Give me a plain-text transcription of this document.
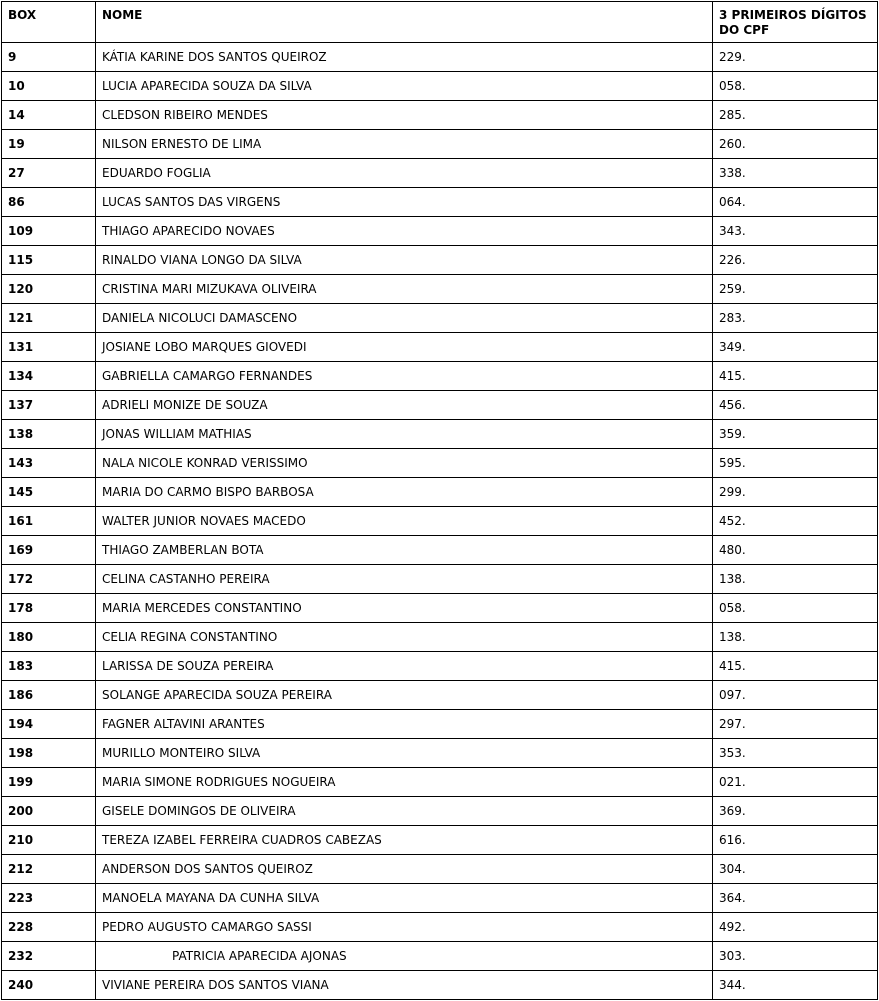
BOX	NOME	3 PRIMEIROS DÍGITOS DO CPF
9	KÁTIA KARINE DOS SANTOS QUEIROZ	229.
10	LUCIA APARECIDA SOUZA DA SILVA	058.
14	CLEDSON RIBEIRO MENDES	285.
19	NILSON ERNESTO DE LIMA	260.
27	EDUARDO FOGLIA	338.
86	LUCAS SANTOS DAS VIRGENS	064.
109	THIAGO APARECIDO NOVAES	343.
115	RINALDO VIANA LONGO DA SILVA	226.
120	CRISTINA MARI MIZUKAVA OLIVEIRA	259.
121	DANIELA NICOLUCI DAMASCENO	283.
131	JOSIANE LOBO MARQUES GIOVEDI	349.
134	GABRIELLA CAMARGO FERNANDES	415.
137	ADRIELI MONIZE DE SOUZA	456.
138	JONAS WILLIAM MATHIAS	359.
143	NALA NICOLE KONRAD VERISSIMO	595.
145	MARIA DO CARMO BISPO BARBOSA	299.
161	WALTER JUNIOR NOVAES MACEDO	452.
169	THIAGO ZAMBERLAN BOTA	480.
172	CELINA CASTANHO PEREIRA	138.
178	MARIA MERCEDES CONSTANTINO	058.
180	CELIA REGINA CONSTANTINO	138.
183	LARISSA DE SOUZA PEREIRA	415.
186	SOLANGE APARECIDA SOUZA PEREIRA	097.
194	FAGNER ALTAVINI ARANTES	297.
198	MURILLO MONTEIRO SILVA	353.
199	MARIA SIMONE RODRIGUES NOGUEIRA	021.
200	GISELE DOMINGOS DE OLIVEIRA	369.
210	TEREZA IZABEL FERREIRA CUADROS CABEZAS	616.
212	ANDERSON DOS SANTOS QUEIROZ	304.
223	MANOELA MAYANA DA CUNHA SILVA	364.
228	PEDRO AUGUSTO CAMARGO SASSI	492.
232	PATRICIA APARECIDA AJONAS	303.
240	VIVIANE PEREIRA DOS SANTOS VIANA	344.
